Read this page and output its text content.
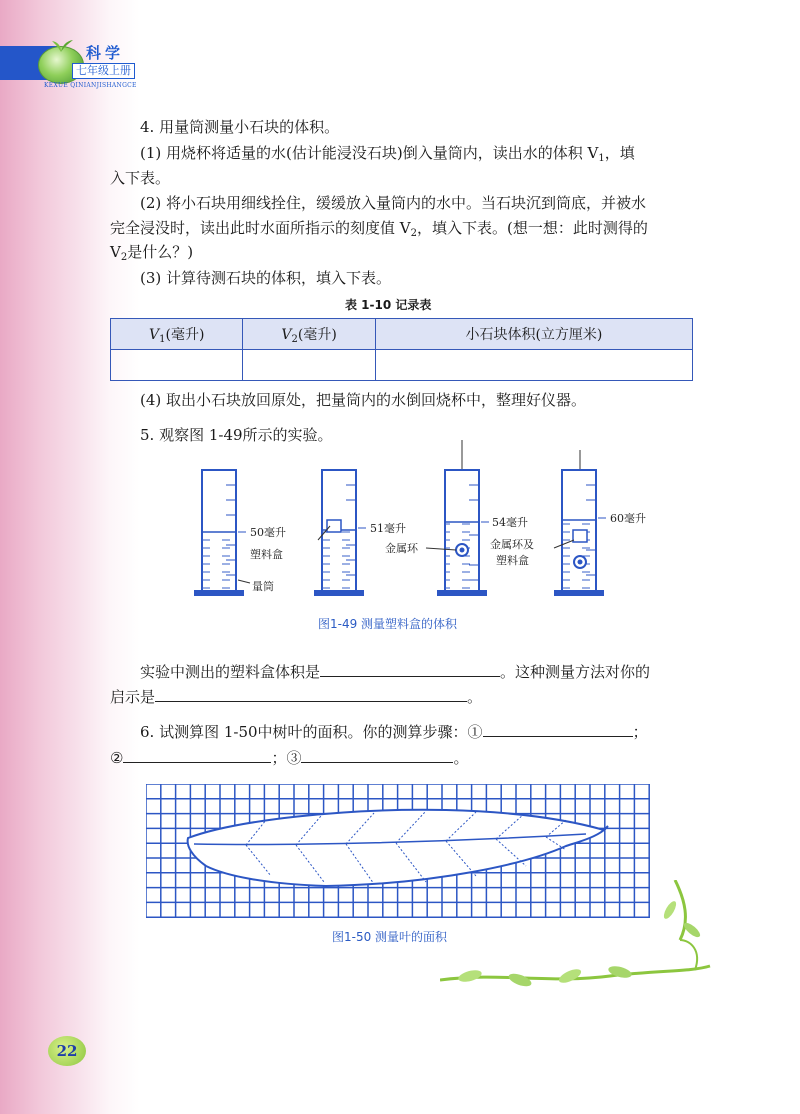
科学
七年级上册
KEXUE QINIANJISHANGCE
4. 用量筒测量小石块的体积。
(1) 用烧杯将适量的水(估计能浸没石块)倒入量筒内，读出水的体积 $V_1$，填
入下表。
(2) 将小石块用细线拴住，缓缓放入量筒内的水中。当石块沉到筒底，并被水
完全浸没时，读出此时水面所指示的刻度值 $V_2$，填入下表。(想一想：此时测得的
$V_2$是什么？)
(3) 计算待测石块的体积，填入下表。
表 1-10 记录表
$V_1$(毫升)	$V_2$(毫升)	小石块体积(立方厘米)

(4) 取出小石块放回原处，把量筒内的水倒回烧杯中，整理好仪器。
5. 观察图 1-49所示的实验。
50毫升
塑料盒
量筒
51毫升
金属环
54毫升
金属环及
塑料盒
60毫升
图1-49 测量塑料盒的体积
实验中测出的塑料盒体积是	。这种测量方法对你的
启示是	。
6. 试测算图 1-50中树叶的面积。你的测算步骤：①	；
②	；③	。
图1-50 测量叶的面积
22
